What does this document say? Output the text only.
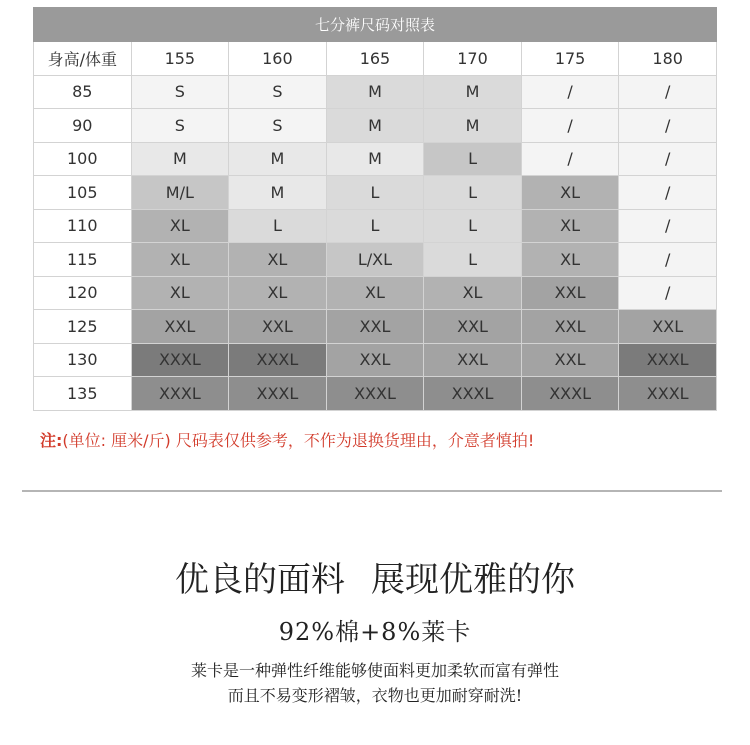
七分裤尺码对照表						
身高/体重	155	160	165	170	175	180
85	S	S	M	M	/	/
90	S	S	M	M	/	/
100	M	M	M	L	/	/
105	M/L	M	L	L	XL	/
110	XL	L	L	L	XL	/
115	XL	XL	L/XL	L	XL	/
120	XL	XL	XL	XL	XXL	/
125	XXL	XXL	XXL	XXL	XXL	XXL
130	XXXL	XXXL	XXL	XXL	XXL	XXXL
135	XXXL	XXXL	XXXL	XXXL	XXXL	XXXL
注:(单位: 厘米/斤) 尺码表仅供参考，不作为退换货理由，介意者慎拍!
优良的面料 展现优雅的你
92%棉+8%莱卡
莱卡是一种弹性纤维能够使面料更加柔软而富有弹性
而且不易变形褶皱，衣物也更加耐穿耐洗!
